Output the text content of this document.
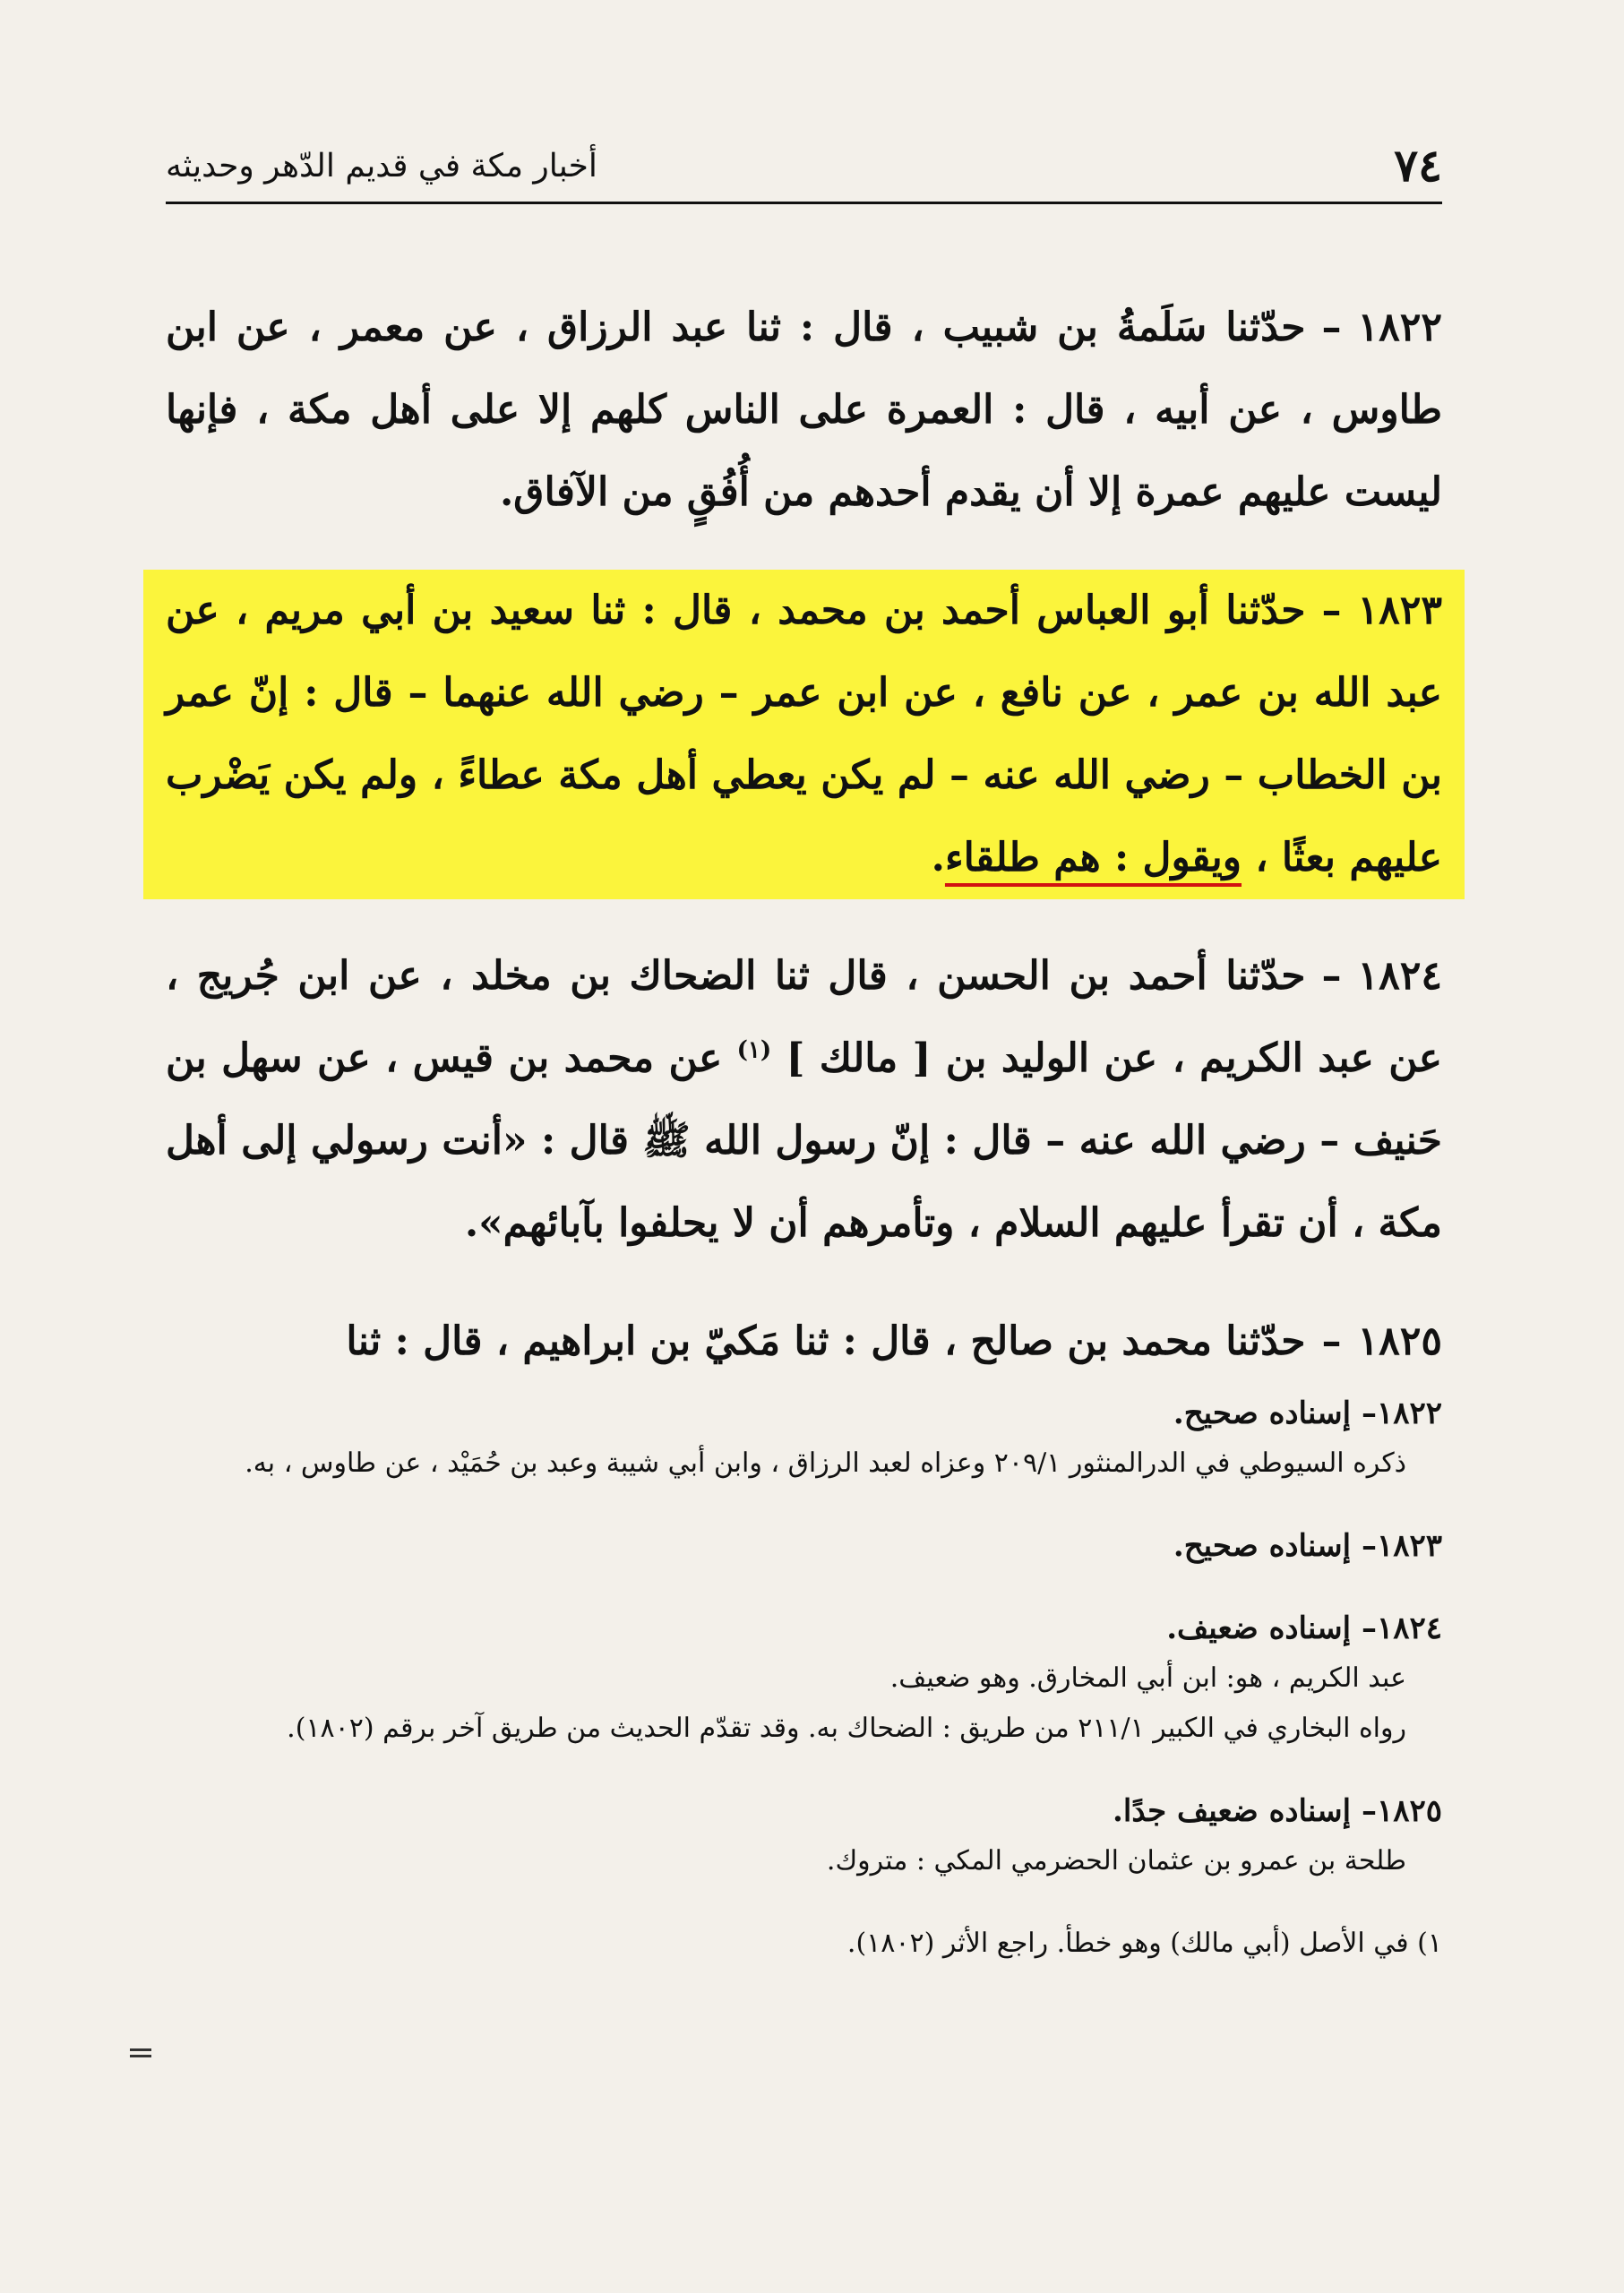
٧٤
أخبار مكة في قديم الدّهر وحديثه

١٨٢٢–حدّثنا سَلَمةُ بن شبيب ، قال : ثنا عبد الرزاق ، عن معمر ، عن ابن طاوس ، عن أبيه ، قال : العمرة على الناس كلهم إلا على أهل مكة ، فإنها ليست عليهم عمرة إلا أن يقدم أحدهم من أُفُقٍ من الآفاق.

١٨٢٣–حدّثنا أبو العباس أحمد بن محمد ، قال : ثنا سعيد بن أبي مريم ، عن عبد الله بن عمر ، عن نافع ، عن ابن عمر – رضي الله عنهما – قال : إنّ عمر بن الخطاب – رضي الله عنه – لم يكن يعطي أهل مكة عطاءً ، ولم يكن يَضْرب عليهم بعثًا ، ويقول : هم طلقاء.

١٨٢٤–حدّثنا أحمد بن الحسن ، قال ثنا الضحاك بن مخلد ، عن ابن جُريج ، عن عبد الكريم ، عن الوليد بن [ مالك ] $^{(١)}$ عن محمد بن قيس ، عن سهل بن حَنيف – رضي الله عنه – قال : إنّ رسول الله ﷺ قال : «أنت رسولي إلى أهل مكة ، أن تقرأ عليهم السلام ، وتأمرهم أن لا يحلفوا بآبائهم».

١٨٢٥–حدّثنا محمد بن صالح ، قال : ثنا مَكيّ بن ابراهيم ، قال : ثنا

١٨٢٢– إسناده صحيح.
ذكره السيوطي في الدرالمنثور ٢٠٩/١ وعزاه لعبد الرزاق ، وابن أبي شيبة وعبد بن حُمَيْد ، عن طاوس ، به.
١٨٢٣– إسناده صحيح.
١٨٢٤– إسناده ضعيف.
عبد الكريم ، هو: ابن أبي المخارق. وهو ضعيف.
رواه البخاري في الكبير ٢١١/١ من طريق : الضحاك به. وقد تقدّم الحديث من طريق آخر برقم (١٨٠٢).
١٨٢٥– إسناده ضعيف جدًا.
طلحة بن عمرو بن عثمان الحضرمي المكي : متروك.
١) في الأصل (أبي مالك) وهو خطأ. راجع الأثر (١٨٠٢).
